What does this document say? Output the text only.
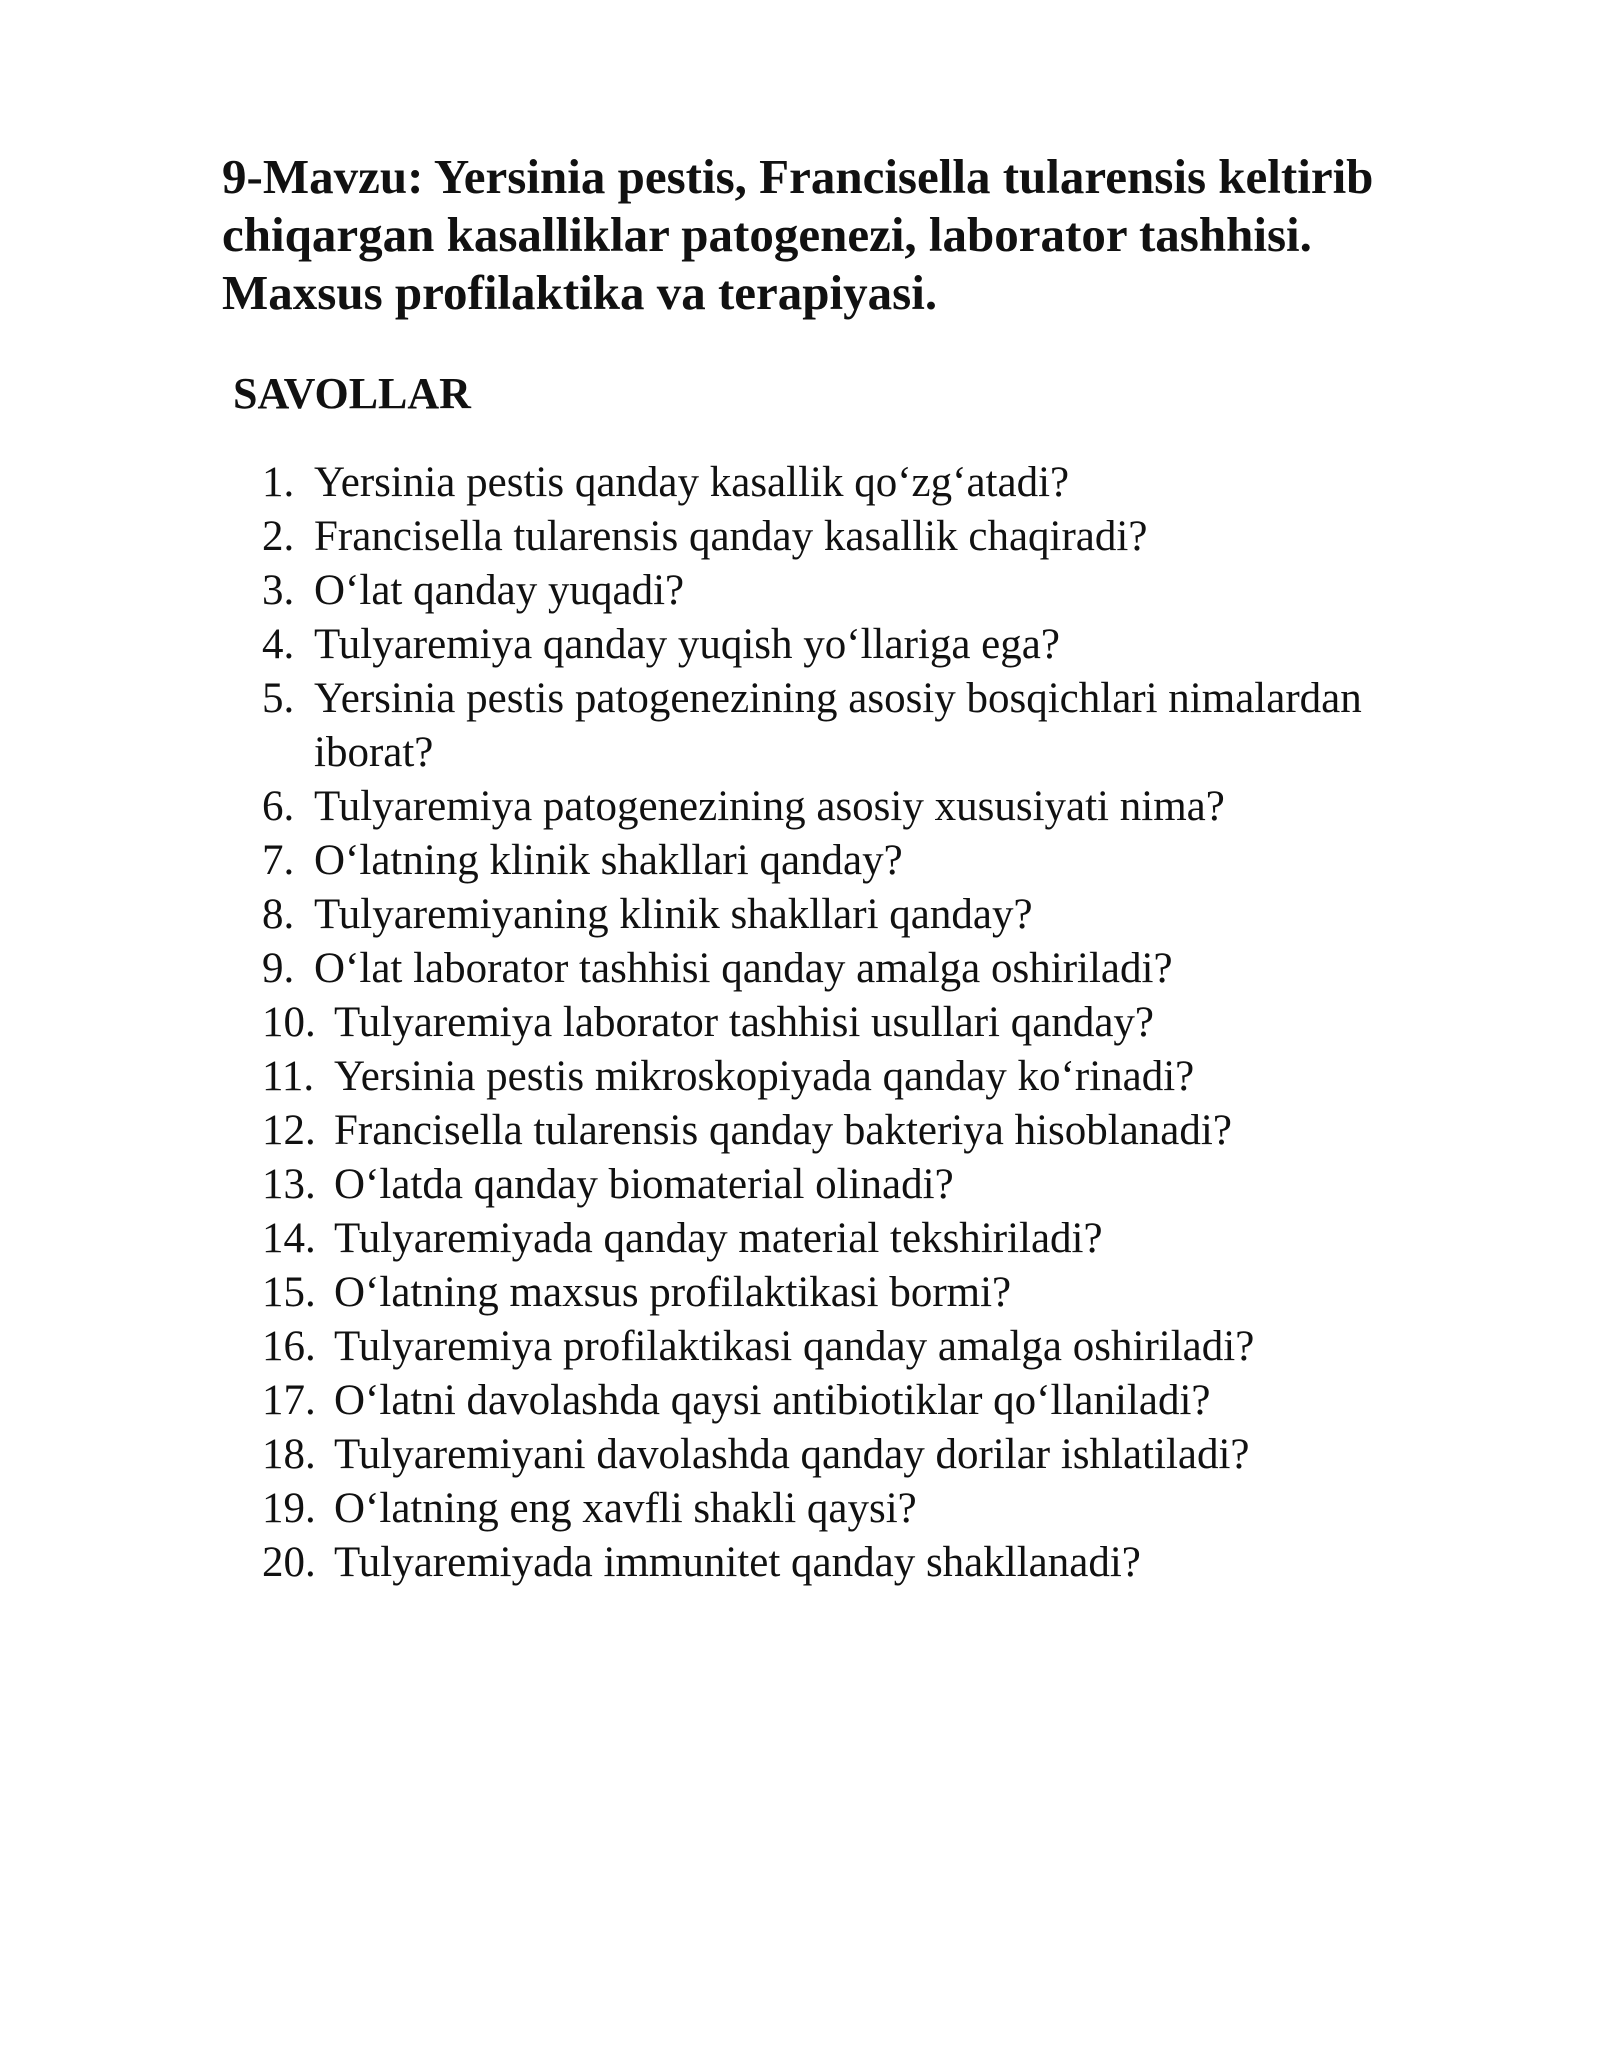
9-Mavzu: Yersinia pestis, Francisella tularensis keltirib
chiqargan kasalliklar patogenezi, laborator tashhisi.
Maxsus profilaktika va terapiyasi.
SAVOLLAR
1. Yersinia pestis qanday kasallik qo‘zg‘atadi?
2. Francisella tularensis qanday kasallik chaqiradi?
3. O‘lat qanday yuqadi?
4. Tulyaremiya qanday yuqish yo‘llariga ega?
5. Yersinia pestis patogenezining asosiy bosqichlari nimalardan
iborat?
6. Tulyaremiya patogenezining asosiy xususiyati nima?
7. O‘latning klinik shakllari qanday?
8. Tulyaremiyaning klinik shakllari qanday?
9. O‘lat laborator tashhisi qanday amalga oshiriladi?
10. Tulyaremiya laborator tashhisi usullari qanday?
11. Yersinia pestis mikroskopiyada qanday ko‘rinadi?
12. Francisella tularensis qanday bakteriya hisoblanadi?
13. O‘latda qanday biomaterial olinadi?
14. Tulyaremiyada qanday material tekshiriladi?
15. O‘latning maxsus profilaktikasi bormi?
16. Tulyaremiya profilaktikasi qanday amalga oshiriladi?
17. O‘latni davolashda qaysi antibiotiklar qo‘llaniladi?
18. Tulyaremiyani davolashda qanday dorilar ishlatiladi?
19. O‘latning eng xavfli shakli qaysi?
20. Tulyaremiyada immunitet qanday shakllanadi?
